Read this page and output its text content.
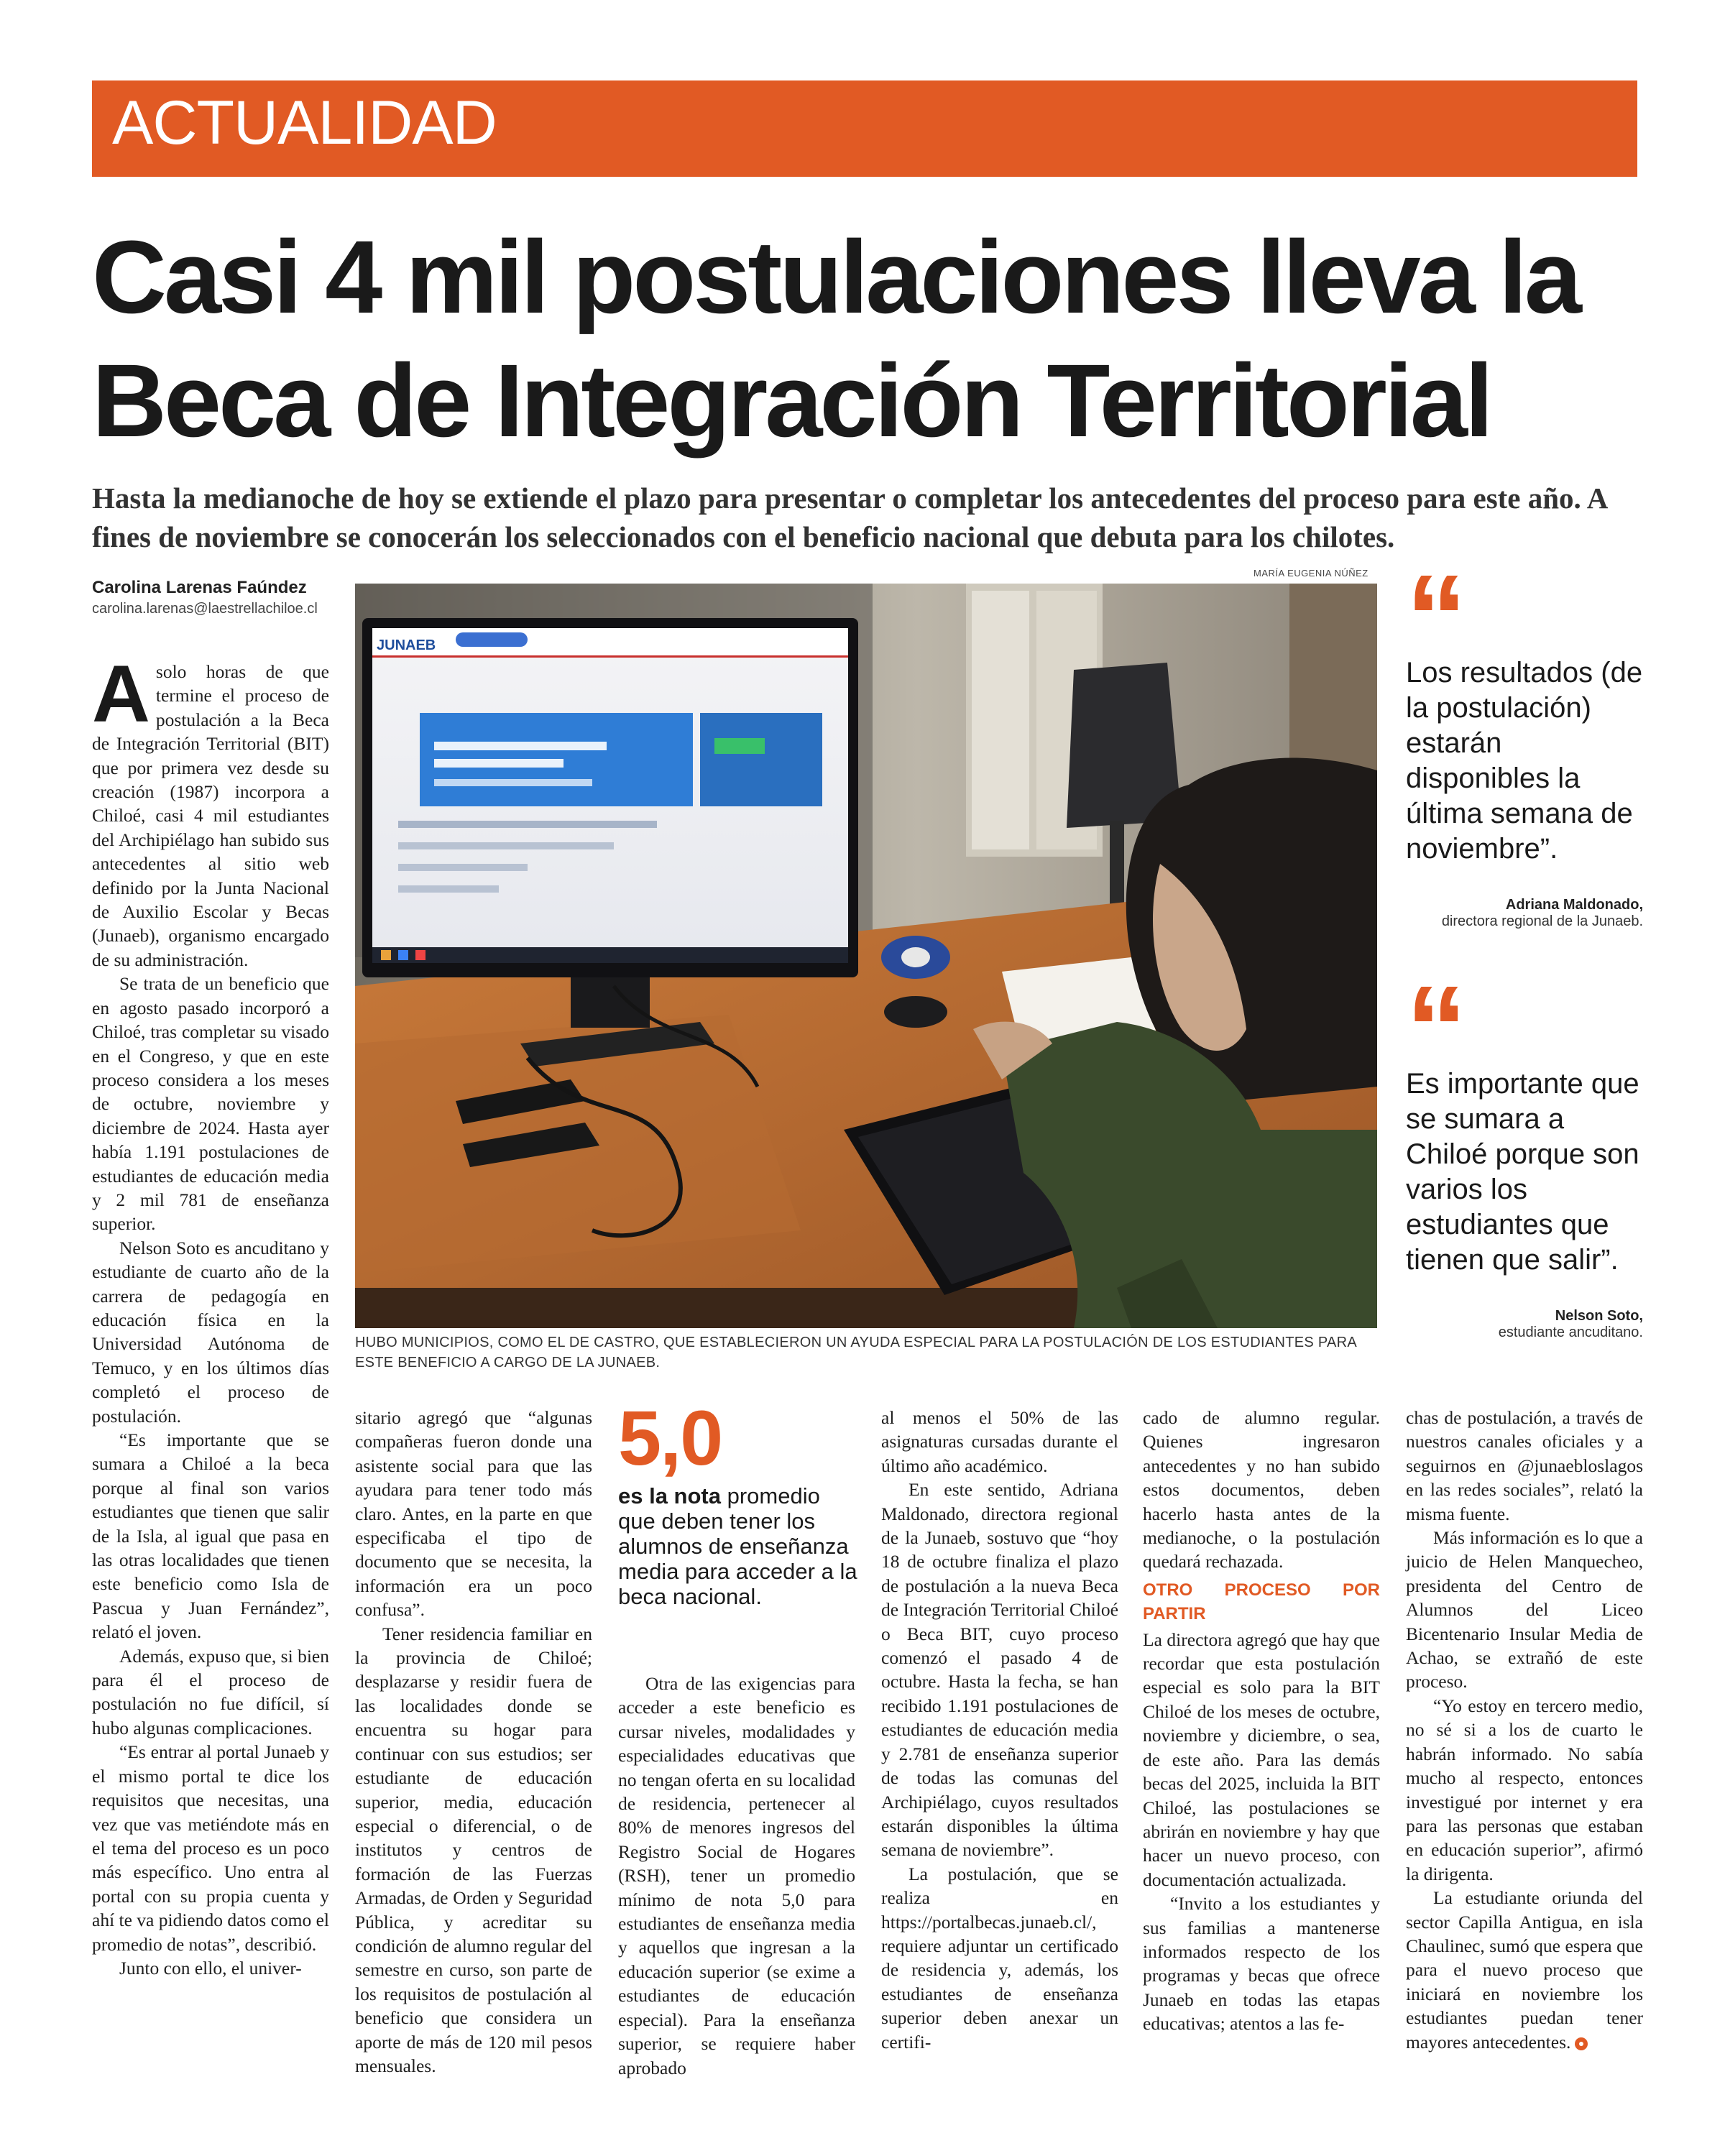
ACTUALIDAD
Casi 4 mil postulaciones lleva la
Beca de Integración Territorial
Hasta la medianoche de hoy se extiende el plazo para presentar o completar los antecedentes del proceso para este año. A fines de noviembre se conocerán los seleccionados con el beneficio nacional que debuta para los chilotes.
Carolina Larenas Faúndez
carolina.larenas@laestrellachiloe.cl
MARÍA EUGENIA NÚÑEZ
JUNAEB
HUBO MUNICIPIOS, COMO EL DE CASTRO, QUE ESTABLECIERON UN AYUDA ESPECIAL PARA LA POSTULACIÓN DE LOS ESTUDIANTES PARA ESTE BENEFICIO A CARGO DE LA JUNAEB.
“
Los resultados (de la postulación) estarán disponibles la última semana de noviembre”.
Adriana Maldonado,
directora regional de la Junaeb.
“
Es importante que se sumara a Chiloé porque son varios los estudiantes que tienen que salir”.
Nelson Soto,
estudiante ancuditano.

A solo horas de que termine el proceso de postulación a la Beca de Integración Territorial (BIT) que por primera vez desde su creación (1987) incorpora a Chiloé, casi 4 mil estudiantes del Archipiélago han subido sus antecedentes al sitio web definido por la Junta Nacional de Auxilio Escolar y Becas (Junaeb), organismo encargado de su administración.

Se trata de un beneficio que en agosto pasado incorporó a Chiloé, tras completar su visado en el Congreso, y que en este proceso considera a los meses de octubre, noviembre y diciembre de 2024. Hasta ayer había 1.191 postulaciones de estudiantes de educación media y 2 mil 781 de enseñanza superior.

Nelson Soto es ancuditano y estudiante de cuarto año de la carrera de pedagogía en educación física en la Universidad Autónoma de Temuco, y en los últimos días completó el proceso de postulación.

“Es importante que se sumara a Chiloé a la beca porque al final son varios estudiantes que tienen que salir de la Isla, al igual que pasa en las otras localidades que tienen este beneficio como Isla de Pascua y Juan Fernández”, relató el joven.

Además, expuso que, si bien para él el proceso de postulación no fue difícil, sí hubo algunas complicaciones.

“Es entrar al portal Junaeb y el mismo portal te dice los requisitos que necesitas, una vez que vas metiéndote más en el tema del proceso es un poco más específico. Uno entra al portal con su propia cuenta y ahí te va pidiendo datos como el promedio de notas”, describió.

Junto con ello, el univer-

sitario agregó que “algunas compañeras fueron donde una asistente social para que las ayudara para tener todo más claro. Antes, en la parte en que especificaba el tipo de documento que se necesita, la información era un poco confusa”.

Tener residencia familiar en la provincia de Chiloé; desplazarse y residir fuera de las localidades donde se encuentra su hogar para continuar con sus estudios; ser estudiante de educación superior, media, educación especial o diferencial, o de institutos y centros de formación de las Fuerzas Armadas, de Orden y Seguridad Pública, y acreditar su condición de alumno regular del semestre en curso, son parte de los requisitos de postulación al beneficio que considera un aporte de más de 120 mil pesos mensuales.

5,0
es la nota promedio que deben tener los alumnos de enseñanza media para acceder a la beca nacional.

Otra de las exigencias para acceder a este beneficio es cursar niveles, modalidades y especialidades educativas que no tengan oferta en su localidad de residencia, pertenecer al 80% de menores ingresos del Registro Social de Hogares (RSH), tener un promedio mínimo de nota 5,0 para estudiantes de enseñanza media y aquellos que ingresan a la educación superior (se exime a estudiantes de educación especial). Para la enseñanza superior, se requiere haber aprobado

al menos el 50% de las asignaturas cursadas durante el último año académico.

En este sentido, Adriana Maldonado, directora regional de la Junaeb, sostuvo que “hoy 18 de octubre finaliza el plazo de postulación a la nueva Beca de Integración Territorial Chiloé o Beca BIT, cuyo proceso comenzó el pasado 4 de octubre. Hasta la fecha, se han recibido 1.191 postulaciones de estudiantes de educación media y 2.781 de enseñanza superior de todas las comunas del Archipiélago, cuyos resultados estarán disponibles la última semana de noviembre”.

La postulación, que se realiza en https://portalbecas.junaeb.cl/, requiere adjuntar un certificado de residencia y, además, los estudiantes de enseñanza superior deben anexar un certifi-

cado de alumno regular. Quienes ingresaron antecedentes y no han subido estos documentos, deben hacerlo hasta antes de la medianoche, o la postulación quedará rechazada.

OTRO PROCESO POR PARTIR

La directora agregó que hay que recordar que esta postulación especial es solo para la BIT Chiloé de los meses de octubre, noviembre y diciembre, o sea, de este año. Para las demás becas del 2025, incluida la BIT Chiloé, las postulaciones se abrirán en noviembre y hay que hacer un nuevo proceso, con documentación actualizada.

“Invito a los estudiantes y sus familias a mantenerse informados respecto de los programas y becas que ofrece Junaeb en todas las etapas educativas; atentos a las fe-

chas de postulación, a través de nuestros canales oficiales y a seguirnos en @junaebloslagos en las redes sociales”, relató la misma fuente.

Más información es lo que a juicio de Helen Manquecheo, presidenta del Centro de Alumnos del Liceo Bicentenario Insular Media de Achao, se extrañó de este proceso.

“Yo estoy en tercero medio, no sé si a los de cuarto le habrán informado. No sabía mucho al respecto, entonces investigué por internet y era para las personas que estaban en educación superior”, afirmó la dirigenta.

La estudiante oriunda del sector Capilla Antigua, en isla Chaulinec, sumó que espera que para el nuevo proceso que iniciará en noviembre los estudiantes puedan tener mayores antecedentes.
